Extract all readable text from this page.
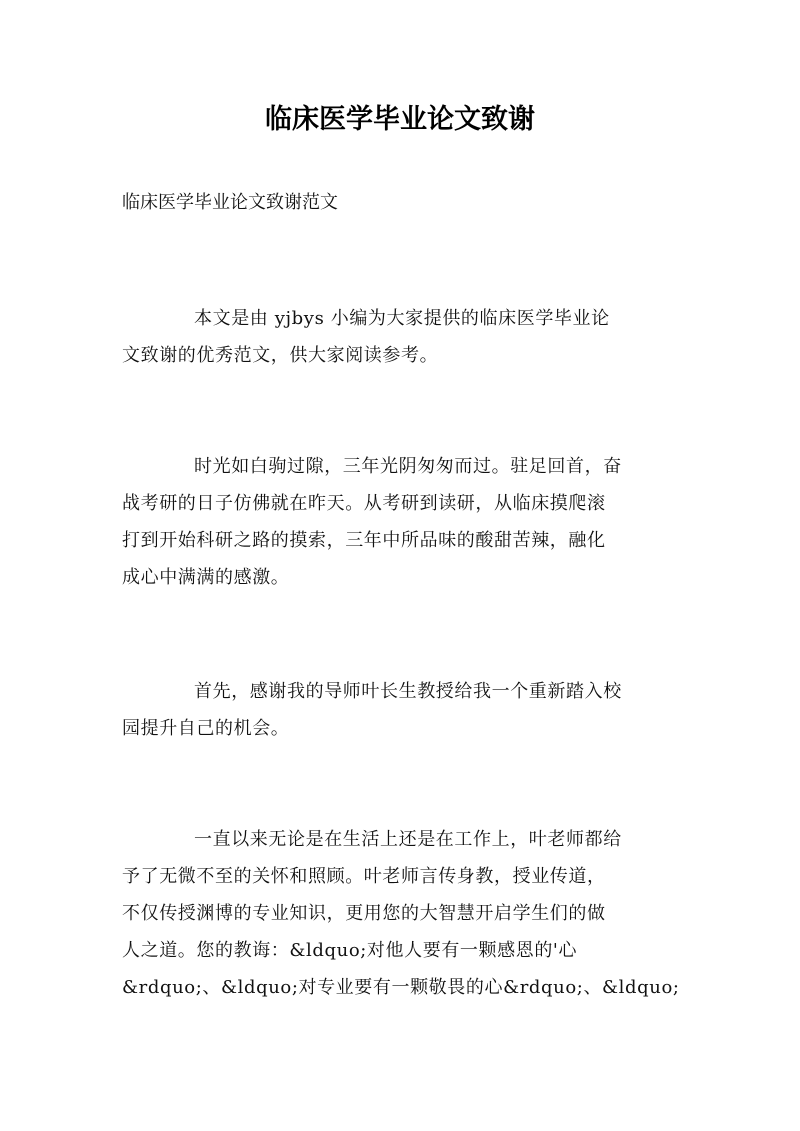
临床医学毕业论文致谢
临床医学毕业论文致谢范文
本文是由 yjbys 小编为大家提供的临床医学毕业论
文致谢的优秀范文，供大家阅读参考。
时光如白驹过隙，三年光阴匆匆而过。驻足回首，奋
战考研的日子仿佛就在昨天。从考研到读研，从临床摸爬滚
打到开始科研之路的摸索，三年中所品味的酸甜苦辣，融化
成心中满满的感激。
首先，感谢我的导师叶长生教授给我一个重新踏入校
园提升自己的机会。
一直以来无论是在生活上还是在工作上，叶老师都给
予了无微不至的关怀和照顾。叶老师言传身教，授业传道，
不仅传授渊博的专业知识，更用您的大智慧开启学生们的做
人之道。您的教诲：&ldquo;对他人要有一颗感恩的'心
&rdquo;、&ldquo;对专业要有一颗敬畏的心&rdquo;、&ldquo;
